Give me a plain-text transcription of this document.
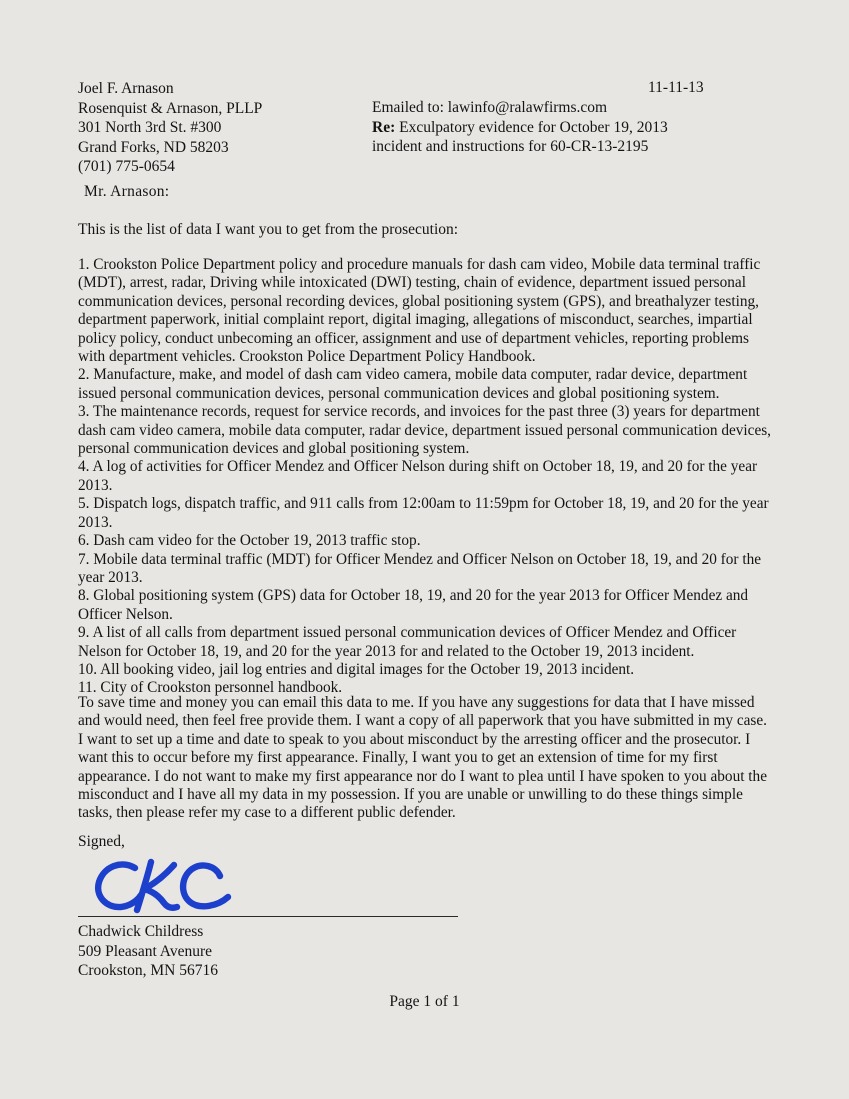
11-11-13
Joel F. Arnason
Rosenquist & Arnason, PLLP
301 North 3rd St. #300
Grand Forks, ND 58203
(701) 775-0654
Emailed to: lawinfo@ralawfirms.com
Re: Exculpatory evidence for October 19, 2013
incident and instructions for 60-CR-13-2195
Mr. Arnason:
This is the list of data I want you to get from the prosecution:

1. Crookston Police Department policy and procedure manuals for dash cam video, Mobile data terminal traffic (MDT), arrest, radar, Driving while intoxicated (DWI) testing, chain of evidence, department issued personal communication devices, personal recording devices, global positioning system (GPS), and breathalyzer testing, department paperwork, initial complaint report, digital imaging, allegations of misconduct, searches, impartial policy policy, conduct unbecoming an officer, assignment and use of department vehicles, reporting problems with department vehicles. Crookston Police Department Policy Handbook.

2. Manufacture, make, and model of dash cam video camera, mobile data computer, radar device, department issued personal communication devices, personal communication devices and global positioning system.

3. The maintenance records, request for service records, and invoices for the past three (3) years for department dash cam video camera, mobile data computer, radar device, department issued personal communication devices, personal communication devices and global positioning system.

4. A log of activities for Officer Mendez and Officer Nelson during shift on October 18, 19, and 20 for the year 2013.

5. Dispatch logs, dispatch traffic, and 911 calls from 12:00am to 11:59pm for October 18, 19, and 20 for the year 2013.

6. Dash cam video for the October 19, 2013 traffic stop.

7. Mobile data terminal traffic (MDT) for Officer Mendez and Officer Nelson on October 18, 19, and 20 for the year 2013.

8. Global positioning system (GPS) data for October 18, 19, and 20 for the year 2013 for Officer Mendez and Officer Nelson.

9. A list of all calls from department issued personal communication devices of Officer Mendez and Officer Nelson for October 18, 19, and 20 for the year 2013 for and related to the October 19, 2013 incident.

10. All booking video, jail log entries and digital images for the October 19, 2013 incident.

11. City of Crookston personnel handbook.

To save time and money you can email this data to me. If you have any suggestions for data that I have missed and would need, then feel free provide them. I want a copy of all paperwork that you have submitted in my case. I want to set up a time and date to speak to you about misconduct by the arresting officer and the prosecutor. I want this to occur before my first appearance. Finally, I want you to get an extension of time for my first appearance. I do not want to make my first appearance nor do I want to plea until I have spoken to you about the misconduct and I have all my data in my possession. If you are unable or unwilling to do these things simple tasks, then please refer my case to a different public defender.

Signed,
Chadwick Childress
509 Pleasant Avenure
Crookston, MN 56716
Page 1 of 1
